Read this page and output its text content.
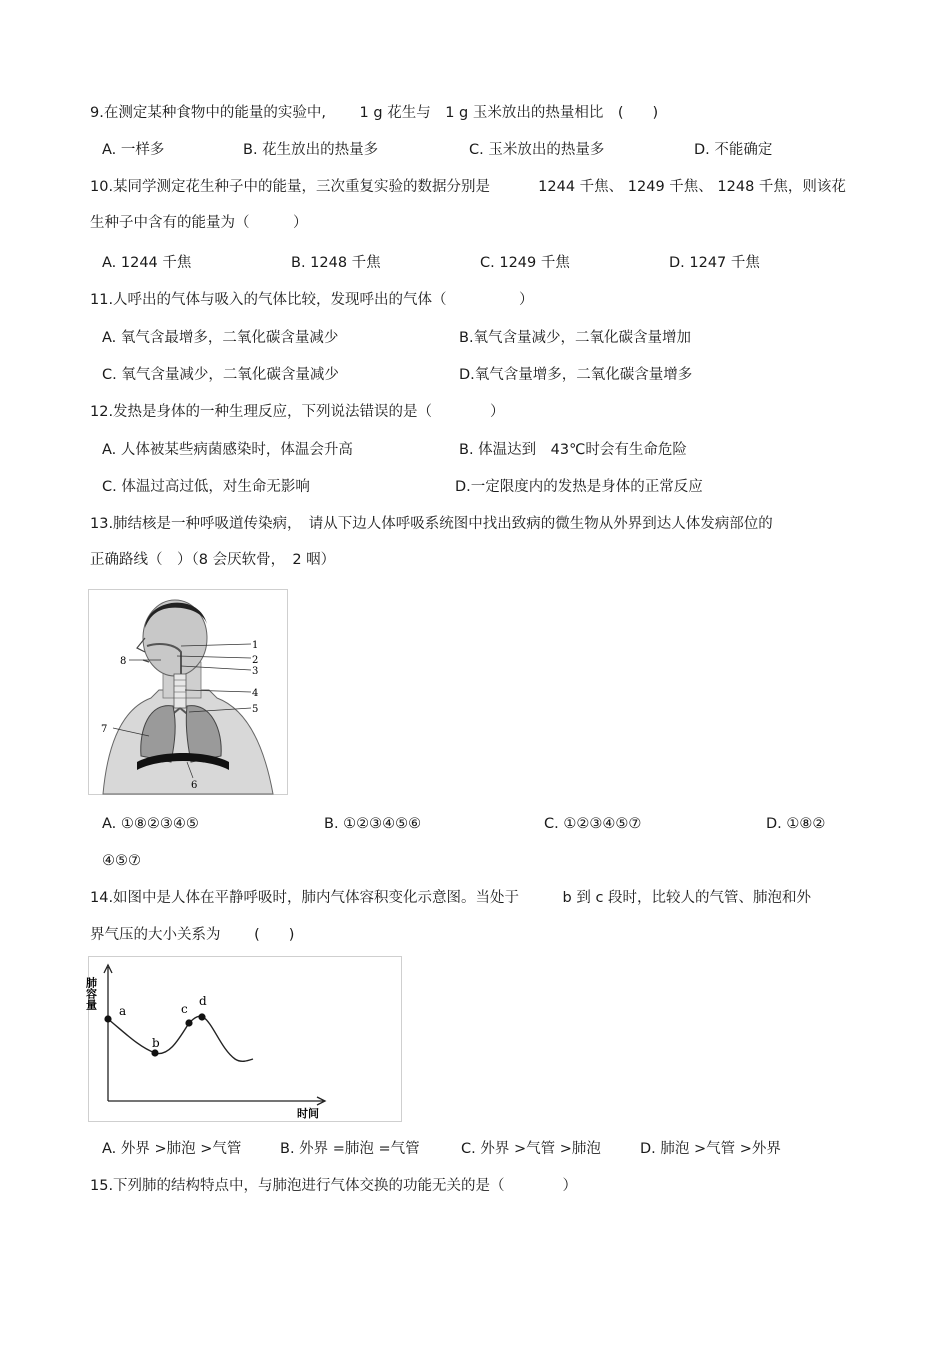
9.在测定某种食物中的能量的实验中,　　 1 g 花生与　1 g 玉米放出的热量相比　(　　)
A. 一样多	B. 花生放出的热量多	C. 玉米放出的热量多	D. 不能确定
10.某同学测定花生种子中的能量，三次重复实验的数据分别是　　　 1244 千焦、 1249 千焦、 1248 千焦，则该花
生种子中含有的能量为（　　　）
A. 1244 千焦	B. 1248 千焦	C. 1249 千焦	D. 1247 千焦
11.人呼出的气体与吸入的气体比较，发现呼出的气体（　　　　　）
A. 氧气含最增多，二氧化碳含量减少	B.氧气含量减少，二氧化碳含量增加
C. 氧气含量减少，二氧化碳含量减少	D.氧气含量增多，二氧化碳含量增多
12.发热是身体的一种生理反应，下列说法错误的是（　　　　）
A. 人体被某些病菌感染时，体温会升高	B. 体温达到　43℃时会有生命危险
C. 体温过高过低，对生命无影响	D.一定限度内的发热是身体的正常反应
13.肺结核是一种呼吸道传染病，　请从下边人体呼吸系统图中找出致病的微生物从外界到达人体发病部位的
正确路线（　）（8 会厌软骨，　2 咽）
1
2
3
4
5
6
7
8
A. ①⑧②③④⑤	B. ①②③④⑤⑥	C. ①②③④⑤⑦	D. ①⑧②
④⑤⑦
14.如图中是人体在平静呼吸时，肺内气体容积变化示意图。当处于　　　b 到 c 段时，比较人的气管、肺泡和外
界气压的大小关系为　　 (　　)
肺容量
时间
a
b
c
d
A. 外界 >肺泡 >气管	B. 外界 =肺泡 =气管	C. 外界 >气管 >肺泡	D. 肺泡 >气管 >外界
15.下列肺的结构特点中，与肺泡进行气体交换的功能无关的是（　　　　）
